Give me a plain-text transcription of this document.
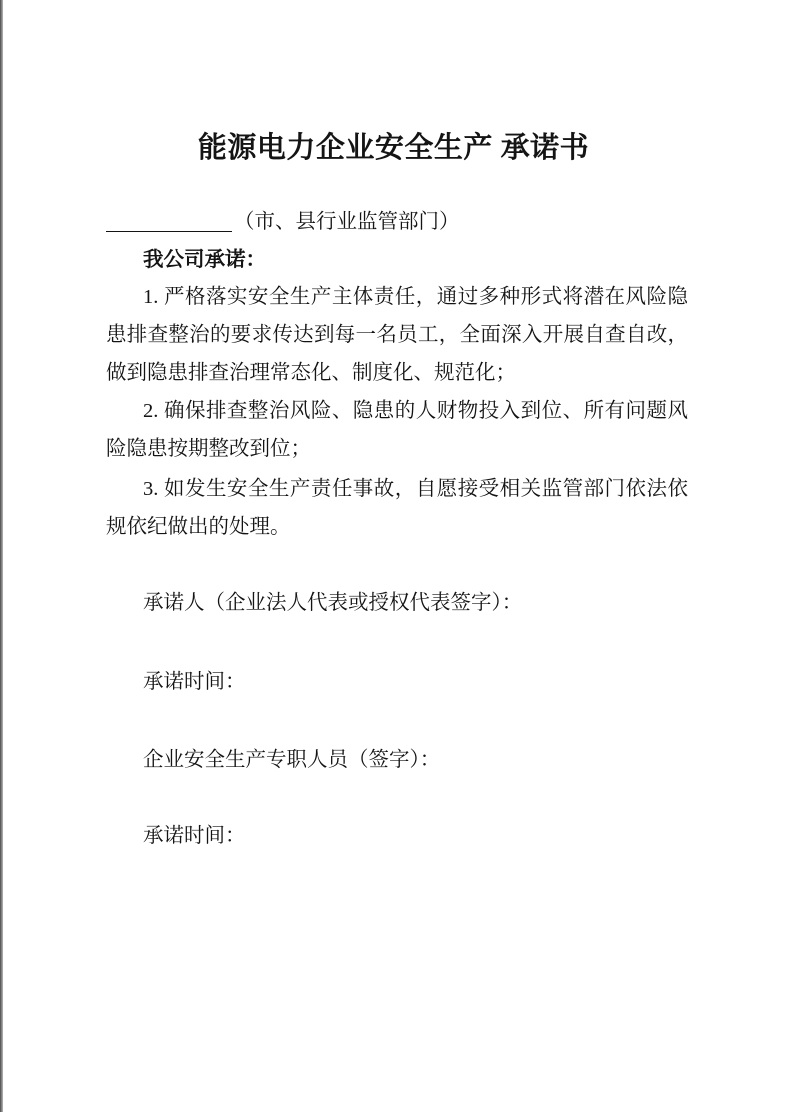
能源电力企业安全生产 承诺书
（市、县行业监管部门）
我公司承诺：
1. 严格落实安全生产主体责任，通过多种形式将潜在风险隐
患排查整治的要求传达到每一名员工，全面深入开展自查自改，
做到隐患排查治理常态化、制度化、规范化；
2. 确保排查整治风险、隐患的人财物投入到位、所有问题风
险隐患按期整改到位；
3. 如发生安全生产责任事故，自愿接受相关监管部门依法依
规依纪做出的处理。
承诺人（企业法人代表或授权代表签字）：
承诺时间：
企业安全生产专职人员（签字）：
承诺时间：
